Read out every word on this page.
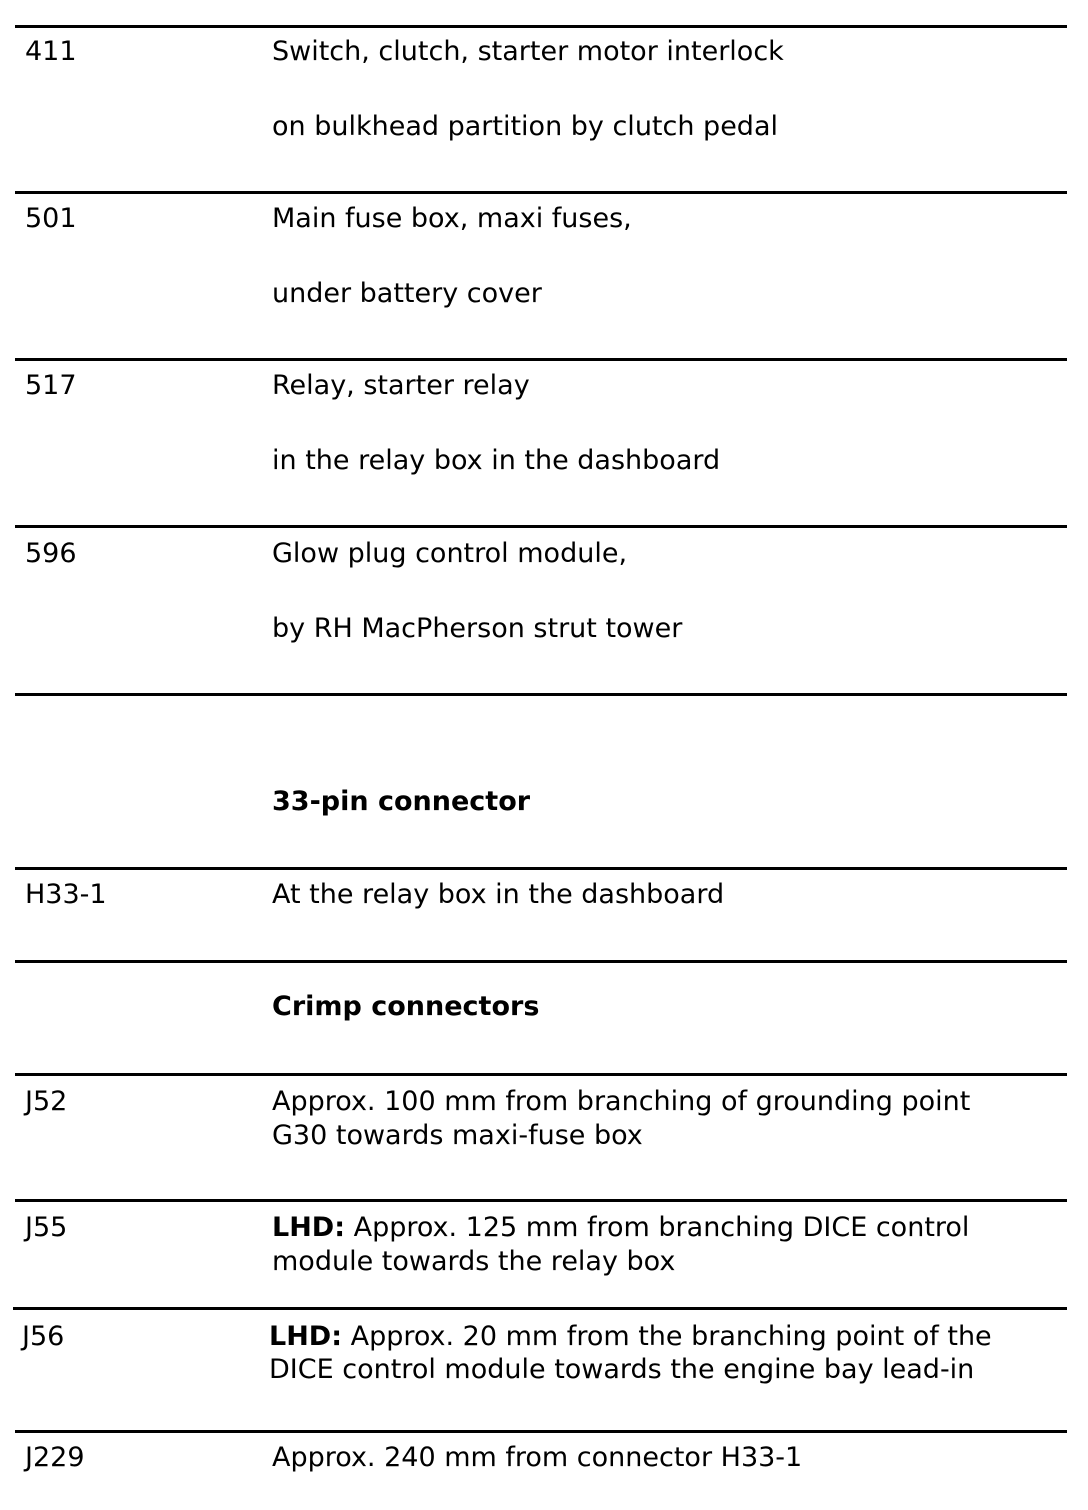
411	Switch, clutch, starter motor interlock
on bulkhead partition by clutch pedal
501	Main fuse box, maxi fuses,
under battery cover
517	Relay, starter relay
in the relay box in the dashboard
596	Glow plug control module,
by RH MacPherson strut tower
33-pin connector
H33-1	At the relay box in the dashboard
Crimp connectors
J52	Approx. 100 mm from branching of grounding point
G30 towards maxi-fuse box
J55	LHD: Approx. 125 mm from branching DICE control
module towards the relay box
J56	LHD: Approx. 20 mm from the branching point of the
DICE control module towards the engine bay lead-in
J229	Approx. 240 mm from connector H33-1
